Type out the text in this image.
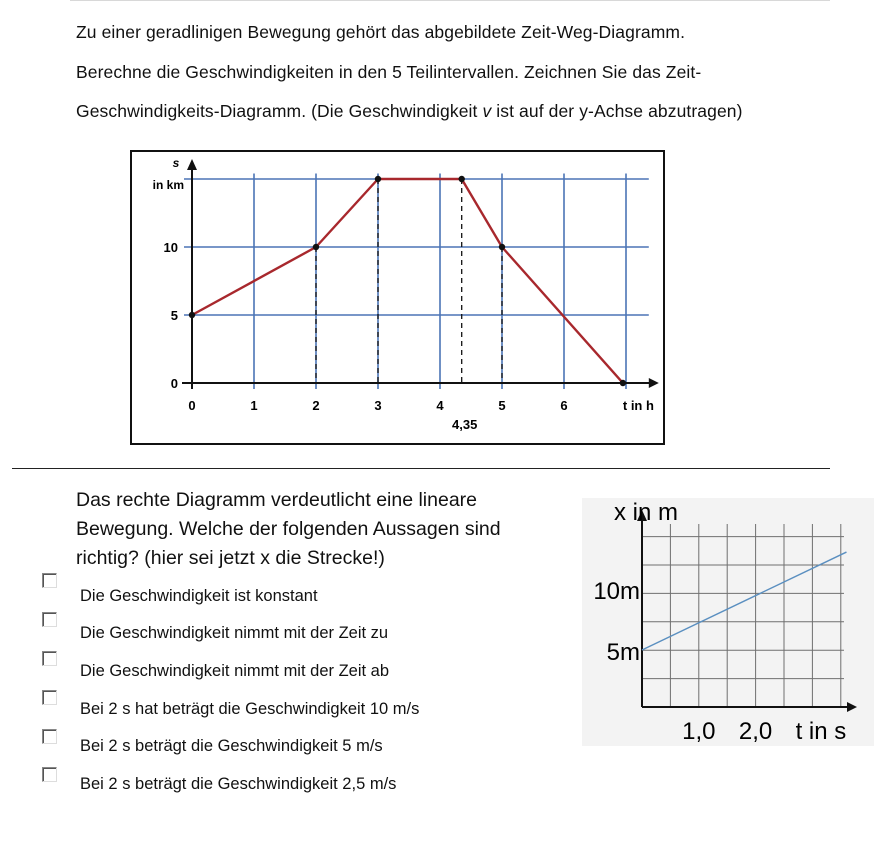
Zu einer geradlinigen Bewegung gehört das abgebildete Zeit-Weg-Diagramm.
Berechne die Geschwindigkeiten in den 5 Teilintervallen. Zeichnen Sie das Zeit-
Geschwindigkeits-Diagramm. (Die Geschwindigkeit v ist auf der y-Achse abzutragen)
0	1	2	3	4	5	6	t in h
4,35
0
5
10
s
in km
Das rechte Diagramm verdeutlicht eine lineare
Bewegung. Welche der folgenden Aussagen sind
richtig? (hier sei jetzt x die Strecke!)
Die Geschwindigkeit ist konstant
Die Geschwindigkeit nimmt mit der Zeit zu
Die Geschwindigkeit nimmt mit der Zeit ab
Bei 2 s hat beträgt die Geschwindigkeit 10 m/s
Bei 2 s beträgt die Geschwindigkeit 5 m/s
Bei 2 s beträgt die Geschwindigkeit 2,5 m/s
x in m
10m
5m
1,0 2,0 t in s
